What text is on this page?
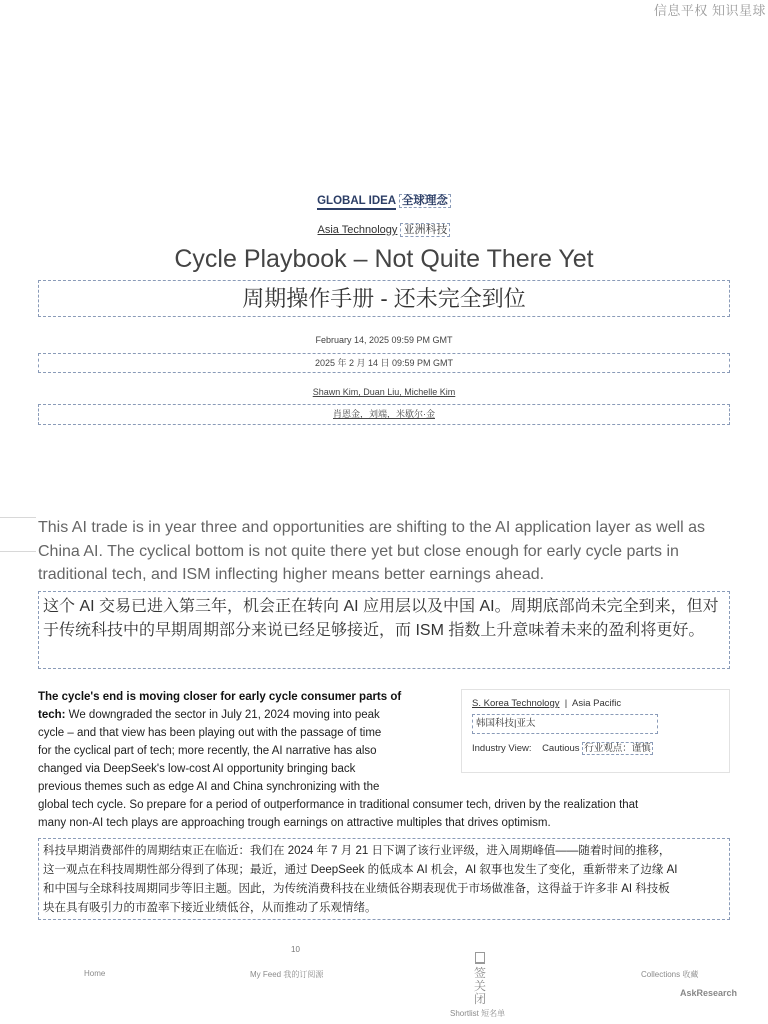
信息平权 知识星球
GLOBAL IDEA 全球理念
Asia Technology 亚洲科技
Cycle Playbook – Not Quite There Yet
周期操作手册 - 还未完全到位
February 14, 2025 09:59 PM GMT
2025 年 2 月 14 日 09:59 PM GMT
Shawn Kim, Duan Liu, Michelle Kim
肖恩金，刘端，米歇尔·金
This AI trade is in year three and opportunities are shifting to the AI application layer as well as China AI. The cyclical bottom is not quite there yet but close enough for early cycle parts in traditional tech, and ISM inflecting higher means better earnings ahead.
这个 AI 交易已进入第三年，机会正在转向 AI 应用层以及中国 AI。周期底部尚未完全到来，但对于传统科技中的早期周期部分来说已经足够接近，而 ISM 指数上升意味着未来的盈利将更好。
The cycle's end is moving closer for early cycle consumer parts of
tech: We downgraded the sector in July 21, 2024 moving into peak
cycle – and that view has been playing out with the passage of time
for the cyclical part of tech; more recently, the AI narrative has also
changed via DeepSeek's low-cost AI opportunity bringing back
previous themes such as edge AI and China synchronizing with the
global tech cycle. So prepare for a period of outperformance in traditional consumer tech, driven by the realization that
many non-AI tech plays are approaching trough earnings on attractive multiples that drives optimism.
S. Korea Technology  |  Asia Pacific
韩国科技|亚太
Industry View: Cautious 行业观点：谨慎
科技早期消费部件的周期结束正在临近：我们在 2024 年 7 月 21 日下调了该行业评级，进入周期峰值——随着时间的推移，
这一观点在科技周期性部分得到了体现；最近，通过 DeepSeek 的低成本 AI 机会，AI 叙事也发生了变化，重新带来了边缘 AI
和中国与全球科技周期同步等旧主题。因此，为传统消费科技在业绩低谷期表现优于市场做准备，这得益于许多非 AI 科技板
块在具有吸引力的市盈率下接近业绩低谷，从而推动了乐观情绪。
10
Home	My Feed 我的订阅源	签关闭
Shortlist 短名单
Collections 收藏
AskResearch
